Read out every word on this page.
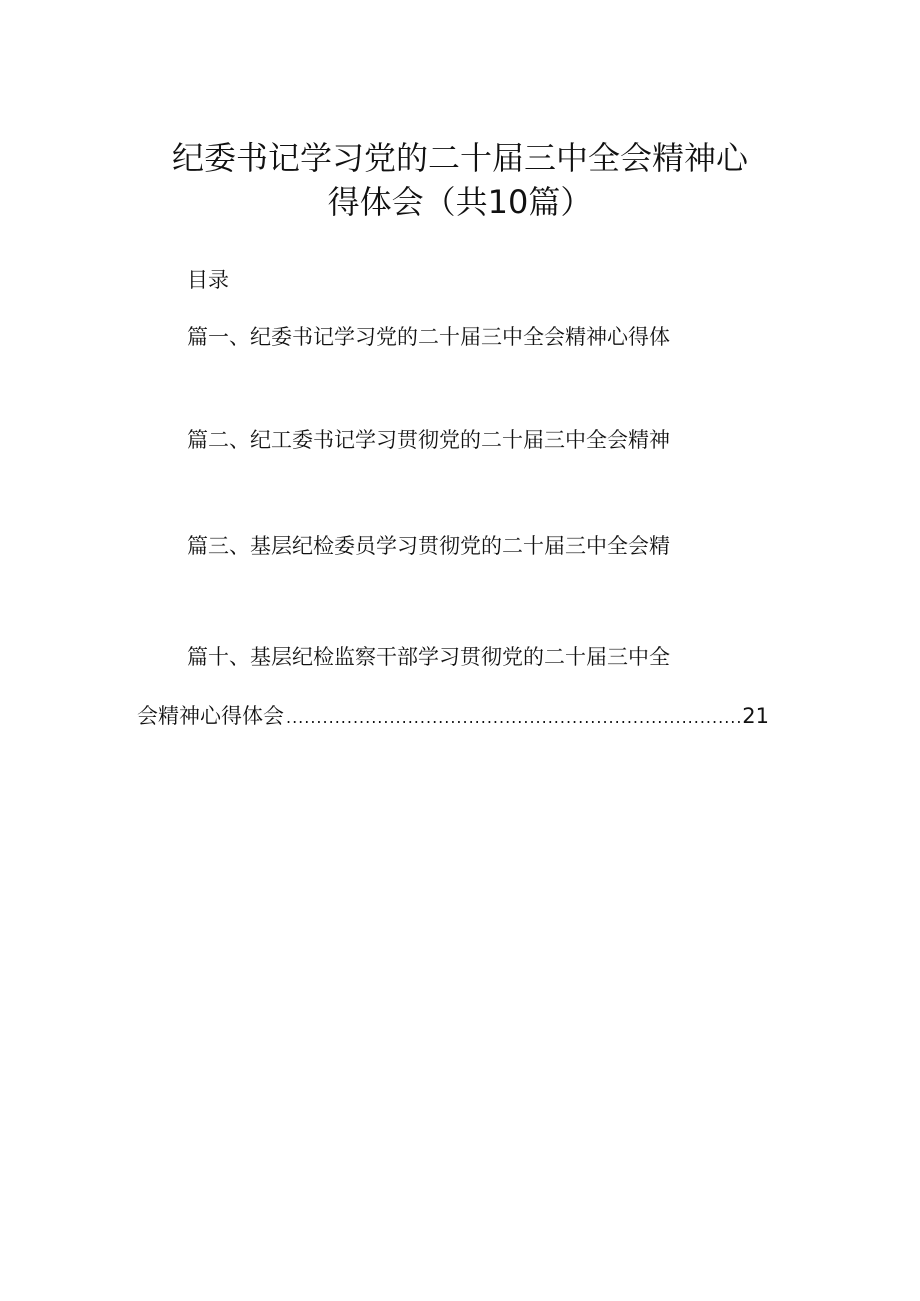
纪委书记学习党的二十届三中全会精神心
得体会（共10篇）
目录
篇一、纪委书记学习党的二十届三中全会精神心得体
篇二、纪工委书记学习贯彻党的二十届三中全会精神
篇三、基层纪检委员学习贯彻党的二十届三中全会精
篇十、基层纪检监察干部学习贯彻党的二十届三中全
会精神心得体会
.....	21
